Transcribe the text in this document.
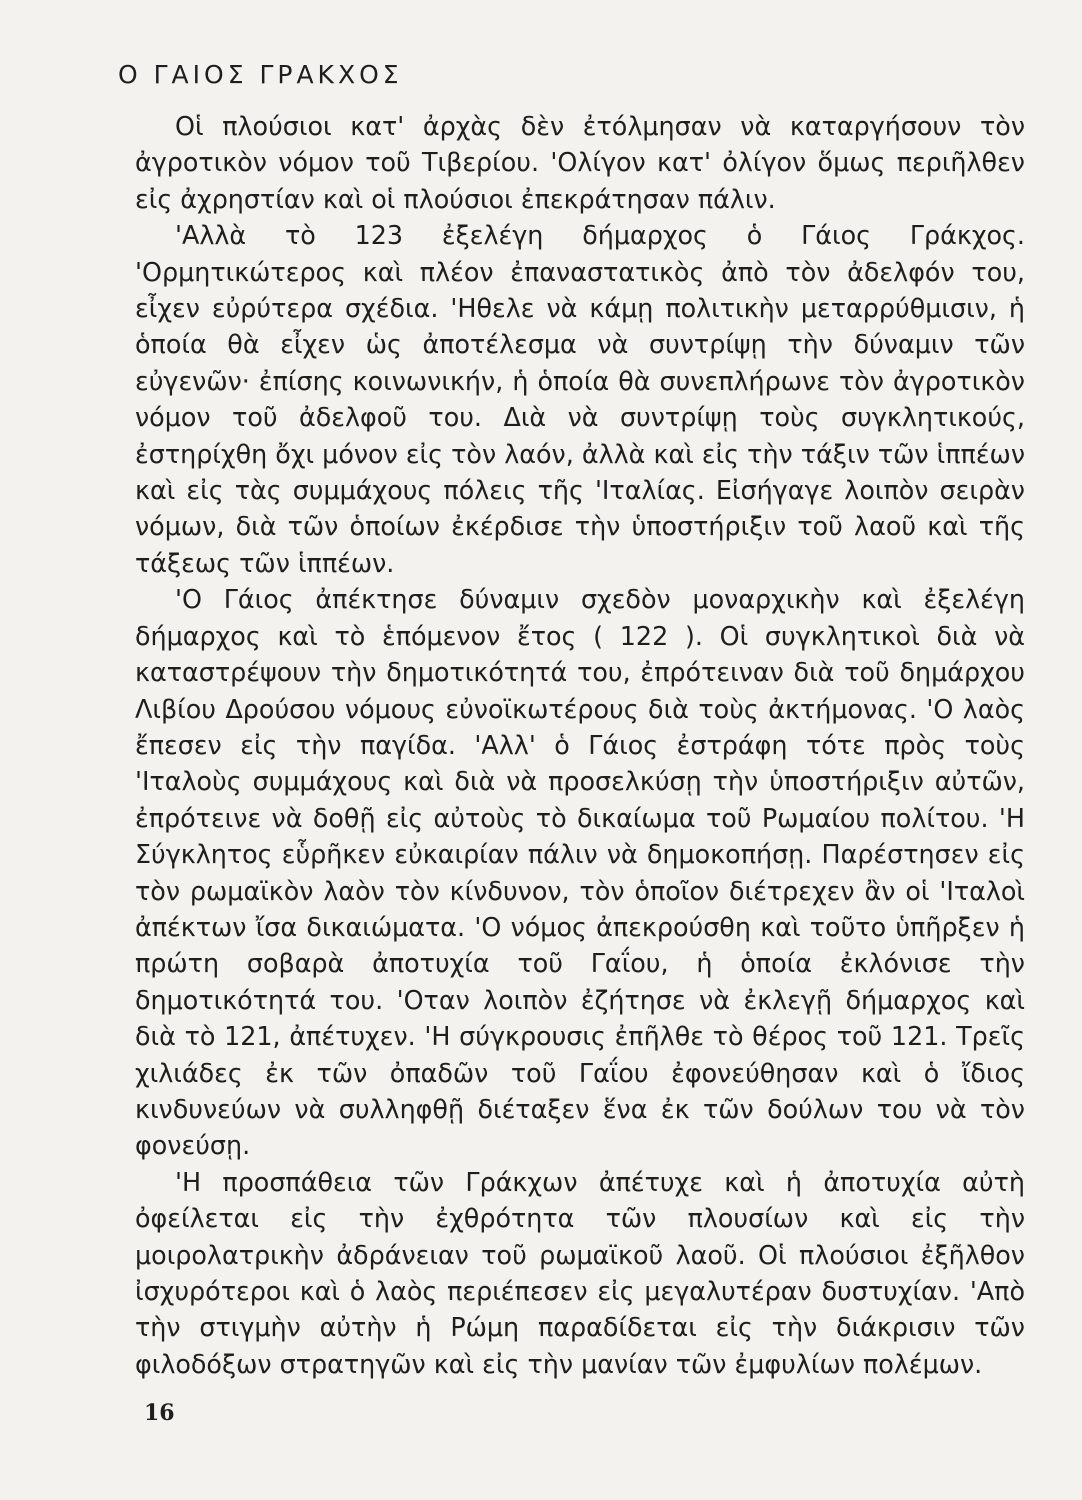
Ο ΓΑΙΟΣ ΓΡΑΚΧΟΣ

Οἱ πλούσιοι κατ' ἀρχὰς δὲν ἐτόλμησαν νὰ καταργήσουν τὸν ἀγροτικὸν νόμον τοῦ Τιβερίου. 'Ολίγον κατ' ὀλίγον ὅμως περιῆλθεν εἰς ἀχρηστίαν καὶ οἱ πλούσιοι ἐπεκράτησαν πάλιν.

'Αλλὰ τὸ 123 ἐξελέγη δήμαρχος ὁ Γάιος Γράκχος. 'Ορμητικώτερος καὶ πλέον ἐπαναστατικὸς ἀπὸ τὸν ἀδελφόν του, εἶχεν εὐρύτερα σχέδια. 'Ηθελε νὰ κάμῃ πολιτικὴν μεταρρύθμισιν, ἡ ὁποία θὰ εἶχεν ὡς ἀποτέλεσμα νὰ συντρίψῃ τὴν δύναμιν τῶν εὐγενῶν· ἐπίσης κοινωνικήν, ἡ ὁποία θὰ συνεπλήρωνε τὸν ἀγροτικὸν νόμον τοῦ ἀδελφοῦ του. Διὰ νὰ συντρίψῃ τοὺς συγκλητικούς, ἐστηρίχθη ὄχι μόνον εἰς τὸν λαόν, ἀλλὰ καὶ εἰς τὴν τάξιν τῶν ἱππέων καὶ εἰς τὰς συμμάχους πόλεις τῆς 'Ιταλίας. Εἰσήγαγε λοιπὸν σειρὰν νόμων, διὰ τῶν ὁποίων ἐκέρδισε τὴν ὑποστήριξιν τοῦ λαοῦ καὶ τῆς τάξεως τῶν ἱππέων.

'Ο Γάιος ἀπέκτησε δύναμιν σχεδὸν μοναρχικὴν καὶ ἐξελέγη δήμαρχος καὶ τὸ ἑπόμενον ἔτος ( 122 ). Οἱ συγκλητικοὶ διὰ νὰ καταστρέψουν τὴν δημοτικότητά του, ἐπρότειναν διὰ τοῦ δημάρχου Λιβίου Δρούσου νόμους εὐνοϊκωτέρους διὰ τοὺς ἀκτήμονας. 'Ο λαὸς ἔπεσεν εἰς τὴν παγίδα. 'Αλλ' ὁ Γάιος ἐστράφη τότε πρὸς τοὺς 'Ιταλοὺς συμμάχους καὶ διὰ νὰ προσελκύσῃ τὴν ὑποστήριξιν αὐτῶν, ἐπρότεινε νὰ δοθῇ εἰς αὐτοὺς τὸ δικαίωμα τοῦ Ρωμαίου πολίτου. 'Η Σύγκλητος εὗρῆκεν εὐκαιρίαν πάλιν νὰ δημοκοπήσῃ. Παρέστησεν εἰς τὸν ρωμαϊκὸν λαὸν τὸν κίνδυνον, τὸν ὁποῖον διέτρεχεν ἂν οἱ 'Ιταλοὶ ἀπέκτων ἴσα δικαιώματα. 'Ο νόμος ἀπεκρούσθη καὶ τοῦτο ὑπῆρξεν ἡ πρώτη σοβαρὰ ἀποτυχία τοῦ Γαΐου, ἡ ὁποία ἐκλόνισε τὴν δημοτικότητά του. 'Οταν λοιπὸν ἐζήτησε νὰ ἐκλεγῇ δήμαρχος καὶ διὰ τὸ 121, ἀπέτυχεν. 'Η σύγκρουσις ἐπῆλθε τὸ θέρος τοῦ 121. Τρεῖς χιλιάδες ἐκ τῶν ὀπαδῶν τοῦ Γαΐου ἐφονεύθησαν καὶ ὁ ἴδιος κινδυνεύων νὰ συλληφθῇ διέταξεν ἕνα ἐκ τῶν δούλων του νὰ τὸν φονεύσῃ.

'Η προσπάθεια τῶν Γράκχων ἀπέτυχε καὶ ἡ ἀποτυχία αὐτὴ ὀφείλεται εἰς τὴν ἐχθρότητα τῶν πλουσίων καὶ εἰς τὴν μοιρολατρικὴν ἀδράνειαν τοῦ ρωμαϊκοῦ λαοῦ. Οἱ πλούσιοι ἐξῆλθον ἰσχυρότεροι καὶ ὁ λαὸς περιέπεσεν εἰς μεγαλυτέραν δυστυχίαν. 'Απὸ τὴν στιγμὴν αὐτὴν ἡ Ρώμη παραδίδεται εἰς τὴν διάκρισιν τῶν φιλοδόξων στρατηγῶν καὶ εἰς τὴν μανίαν τῶν ἐμφυλίων πολέμων.

16
